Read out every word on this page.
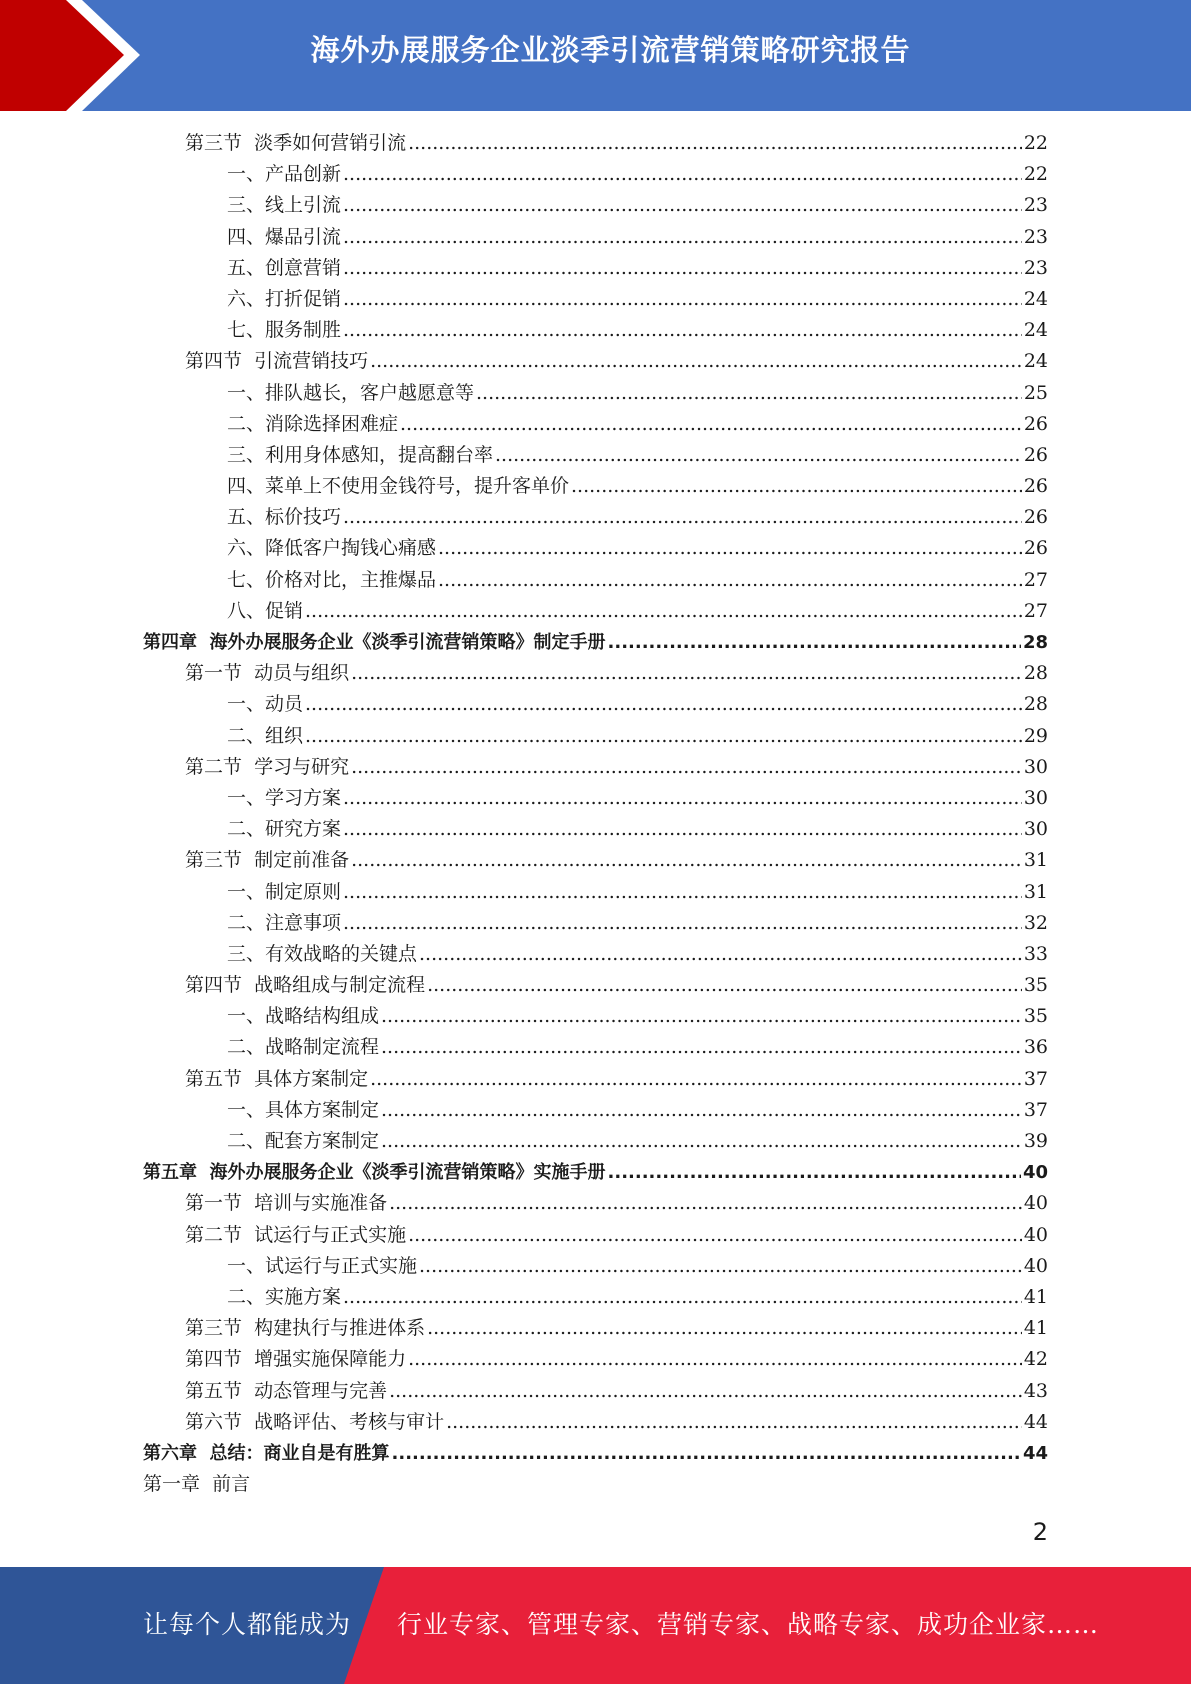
海外办展服务企业淡季引流营销策略研究报告
第三节  淡季如何营销引流 .....	22
一、产品创新 .....	22
三、线上引流 .....	23
四、爆品引流 .....	23
五、创意营销 .....	23
六、打折促销 .....	24
七、服务制胜 .....	24
第四节  引流营销技巧 .....	24
一、排队越长，客户越愿意等 .....	25
二、消除选择困难症 .....	26
三、利用身体感知，提高翻台率 .....	26
四、菜单上不使用金钱符号，提升客单价 .....	26
五、标价技巧 .....	26
六、降低客户掏钱心痛感 .....	26
七、价格对比，主推爆品 .....	27
八、促销 .....	27
第四章  海外办展服务企业《淡季引流营销策略》制定手册 .....	28
第一节  动员与组织 .....	28
一、动员 .....	28
二、组织 .....	29
第二节  学习与研究 .....	30
一、学习方案 .....	30
二、研究方案 .....	30
第三节  制定前准备 .....	31
一、制定原则 .....	31
二、注意事项 .....	32
三、有效战略的关键点 .....	33
第四节  战略组成与制定流程 .....	35
一、战略结构组成 .....	35
二、战略制定流程 .....	36
第五节  具体方案制定 .....	37
一、具体方案制定 .....	37
二、配套方案制定 .....	39
第五章  海外办展服务企业《淡季引流营销策略》实施手册 .....	40
第一节  培训与实施准备 .....	40
第二节  试运行与正式实施 .....	40
一、试运行与正式实施 .....	40
二、实施方案 .....	41
第三节  构建执行与推进体系 .....	41
第四节  增强实施保障能力 .....	42
第五节  动态管理与完善 .....	43
第六节  战略评估、考核与审计 .....	44
第六章  总结：商业自是有胜算 .....	44
第一章  前言
2
让每个人都能成为 行业专家、管理专家、营销专家、战略专家、成功企业家……
